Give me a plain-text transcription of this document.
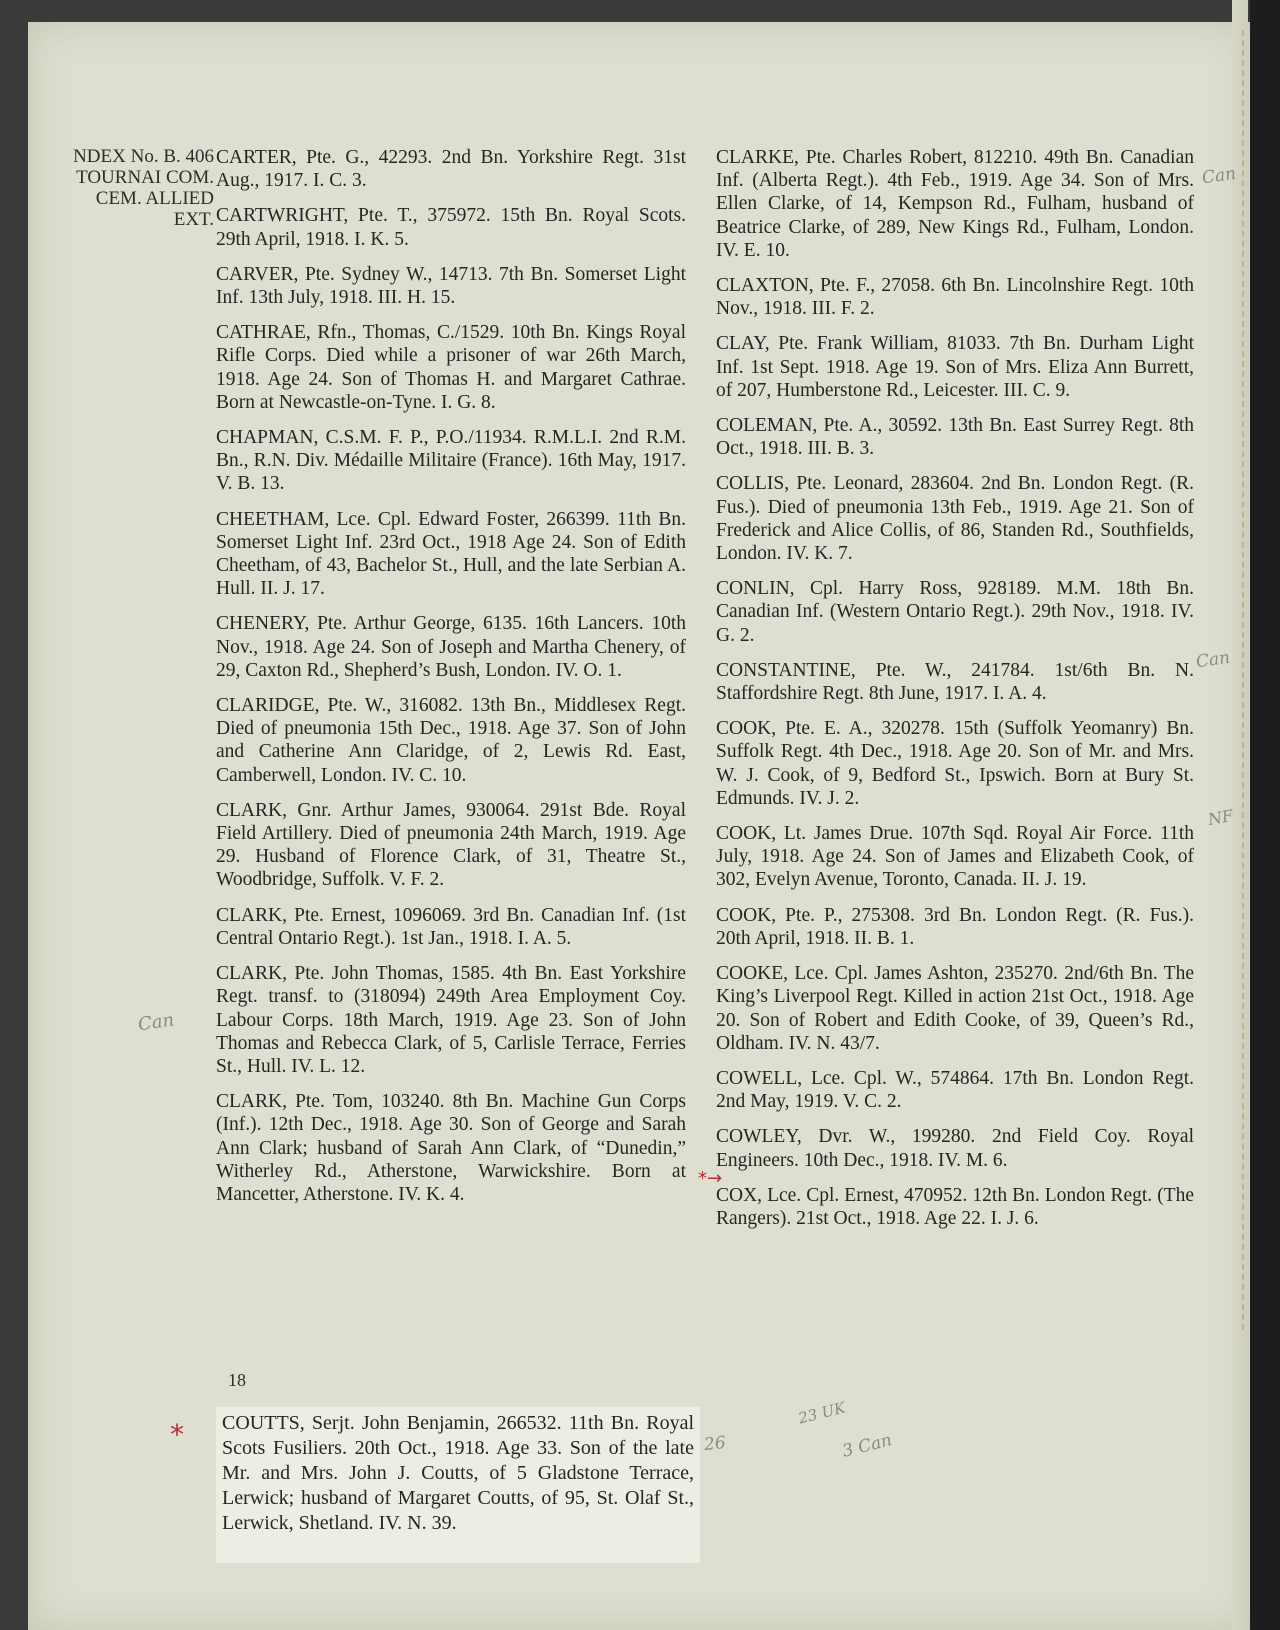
NDEX No. B. 406
TOURNAI COM.
CEM. ALLIED
EXT.

CARTER, Pte. G., 42293. 2nd Bn. Yorkshire Regt. 31st Aug., 1917. I. C. 3.

CARTWRIGHT, Pte. T., 375972. 15th Bn. Royal Scots. 29th April, 1918. I. K. 5.

CARVER, Pte. Sydney W., 14713. 7th Bn. Somerset Light Inf. 13th July, 1918. III. H. 15.

CATHRAE, Rfn., Thomas, C./1529. 10th Bn. Kings Royal Rifle Corps. Died while a prisoner of war 26th March, 1918. Age 24. Son of Thomas H. and Margaret Cathrae. Born at Newcastle-on-Tyne. I. G. 8.

CHAPMAN, C.S.M. F. P., P.O./11934. R.M.L.I. 2nd R.M. Bn., R.N. Div. Médaille Militaire (France). 16th May, 1917. V. B. 13.

CHEETHAM, Lce. Cpl. Edward Foster, 266399. 11th Bn. Somerset Light Inf. 23rd Oct., 1918 Age 24. Son of Edith Cheetham, of 43, Bachelor St., Hull, and the late Serbian A. Hull. II. J. 17.

CHENERY, Pte. Arthur George, 6135. 16th Lancers. 10th Nov., 1918. Age 24. Son of Joseph and Martha Chenery, of 29, Caxton Rd., Shepherd’s Bush, London. IV. O. 1.

CLARIDGE, Pte. W., 316082. 13th Bn., Middlesex Regt. Died of pneumonia 15th Dec., 1918. Age 37. Son of John and Catherine Ann Claridge, of 2, Lewis Rd. East, Camberwell, London. IV. C. 10.

CLARK, Gnr. Arthur James, 930064. 291st Bde. Royal Field Artillery. Died of pneumonia 24th March, 1919. Age 29. Husband of Florence Clark, of 31, Theatre St., Woodbridge, Suffolk. V. F. 2.

CLARK, Pte. Ernest, 1096069. 3rd Bn. Canadian Inf. (1st Central Ontario Regt.). 1st Jan., 1918. I. A. 5.

CLARK, Pte. John Thomas, 1585. 4th Bn. East Yorkshire Regt. transf. to (318094) 249th Area Employment Coy. Labour Corps. 18th March, 1919. Age 23. Son of John Thomas and Rebecca Clark, of 5, Carlisle Terrace, Ferries St., Hull. IV. L. 12.

CLARK, Pte. Tom, 103240. 8th Bn. Machine Gun Corps (Inf.). 12th Dec., 1918. Age 30. Son of George and Sarah Ann Clark; husband of Sarah Ann Clark, of “Dunedin,” Witherley Rd., Atherstone, Warwickshire. Born at Mancetter, Atherstone. IV. K. 4.

CLARKE, Pte. Charles Robert, 812210. 49th Bn. Canadian Inf. (Alberta Regt.). 4th Feb., 1919. Age 34. Son of Mrs. Ellen Clarke, of 14, Kempson Rd., Fulham, husband of Beatrice Clarke, of 289, New Kings Rd., Fulham, London. IV. E. 10.

CLAXTON, Pte. F., 27058. 6th Bn. Lincolnshire Regt. 10th Nov., 1918. III. F. 2.

CLAY, Pte. Frank William, 81033. 7th Bn. Durham Light Inf. 1st Sept. 1918. Age 19. Son of Mrs. Eliza Ann Burrett, of 207, Humberstone Rd., Leicester. III. C. 9.

COLEMAN, Pte. A., 30592. 13th Bn. East Surrey Regt. 8th Oct., 1918. III. B. 3.

COLLIS, Pte. Leonard, 283604. 2nd Bn. London Regt. (R. Fus.). Died of pneumonia 13th Feb., 1919. Age 21. Son of Frederick and Alice Collis, of 86, Standen Rd., Southfields, London. IV. K. 7.

CONLIN, Cpl. Harry Ross, 928189. M.M. 18th Bn. Canadian Inf. (Western Ontario Regt.). 29th Nov., 1918. IV. G. 2.

CONSTANTINE, Pte. W., 241784. 1st/6th Bn. N. Staffordshire Regt. 8th June, 1917. I. A. 4.

COOK, Pte. E. A., 320278. 15th (Suffolk Yeomanry) Bn. Suffolk Regt. 4th Dec., 1918. Age 20. Son of Mr. and Mrs. W. J. Cook, of 9, Bedford St., Ipswich. Born at Bury St. Edmunds. IV. J. 2.

COOK, Lt. James Drue. 107th Sqd. Royal Air Force. 11th July, 1918. Age 24. Son of James and Elizabeth Cook, of 302, Evelyn Avenue, Toronto, Canada. II. J. 19.

COOK, Pte. P., 275308. 3rd Bn. London Regt. (R. Fus.). 20th April, 1918. II. B. 1.

COOKE, Lce. Cpl. James Ashton, 235270. 2nd/6th Bn. The King’s Liverpool Regt. Killed in action 21st Oct., 1918. Age 20. Son of Robert and Edith Cooke, of 39, Queen’s Rd., Oldham. IV. N. 43/7.

COWELL, Lce. Cpl. W., 574864. 17th Bn. London Regt. 2nd May, 1919. V. C. 2.

COWLEY, Dvr. W., 199280. 2nd Field Coy. Royal Engineers. 10th Dec., 1918. IV. M. 6.

COX, Lce. Cpl. Ernest, 470952. 12th Bn. London Regt. (The Rangers). 21st Oct., 1918. Age 22. I. J. 6.

18
*
*→
COUTTS, Serjt. John Benjamin, 266532. 11th Bn. Royal Scots Fusiliers. 20th Oct., 1918. Age 33. Son of the late Mr. and Mrs. John J. Coutts, of 5 Gladstone Terrace, Lerwick; husband of Margaret Coutts, of 95, St. Olaf St., Lerwick, Shetland. IV. N. 39.
Can
Can
NF
Can
26
23 UK
3 Can
